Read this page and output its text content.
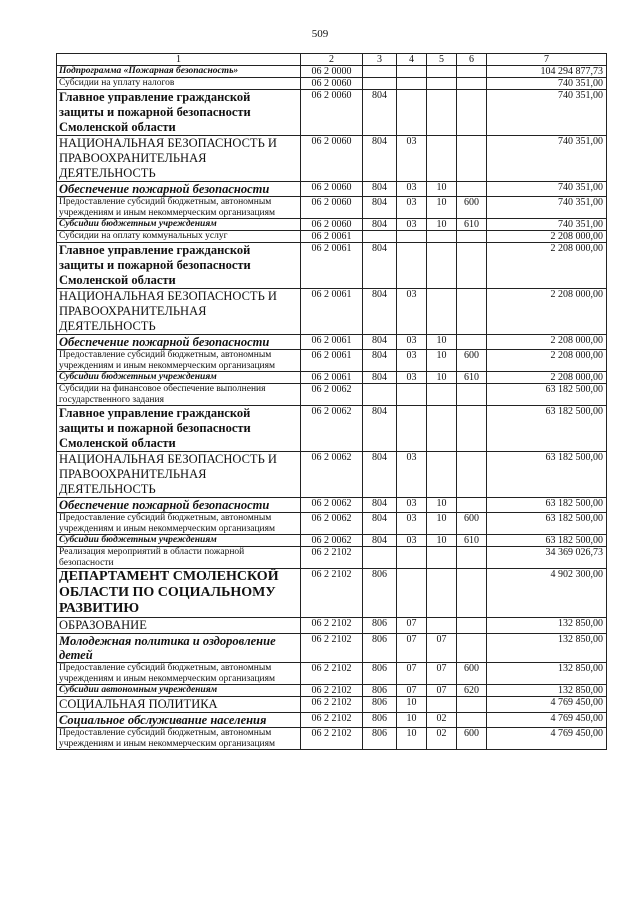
509
1	2	3	4	5	6	7
Подпрограмма «Пожарная безопасность»	06 2 0000					104 294 877,73
Субсидии на уплату налогов	06 2 0060					740 351,00
Главное управление гражданской защиты и пожарной безопасности Смоленской области	06 2 0060	804				740 351,00
НАЦИОНАЛЬНАЯ БЕЗОПАСНОСТЬ И ПРАВООХРАНИТЕЛЬНАЯ ДЕЯТЕЛЬНОСТЬ	06 2 0060	804	03			740 351,00
Обеспечение пожарной безопасности	06 2 0060	804	03	10		740 351,00
Предоставление субсидий бюджетным, автономным учреждениям и иным некоммерческим организациям	06 2 0060	804	03	10	600	740 351,00
Субсидии бюджетным учреждениям	06 2 0060	804	03	10	610	740 351,00
Субсидии на оплату коммунальных услуг	06 2 0061					2 208 000,00
Главное управление гражданской защиты и пожарной безопасности Смоленской области	06 2 0061	804				2 208 000,00
НАЦИОНАЛЬНАЯ БЕЗОПАСНОСТЬ И ПРАВООХРАНИТЕЛЬНАЯ ДЕЯТЕЛЬНОСТЬ	06 2 0061	804	03			2 208 000,00
Обеспечение пожарной безопасности	06 2 0061	804	03	10		2 208 000,00
Предоставление субсидий бюджетным, автономным учреждениям и иным некоммерческим организациям	06 2 0061	804	03	10	600	2 208 000,00
Субсидии бюджетным учреждениям	06 2 0061	804	03	10	610	2 208 000,00
Субсидии на финансовое обеспечение выполнения государственного задания	06 2 0062					63 182 500,00
Главное управление гражданской защиты и пожарной безопасности Смоленской области	06 2 0062	804				63 182 500,00
НАЦИОНАЛЬНАЯ БЕЗОПАСНОСТЬ И ПРАВООХРАНИТЕЛЬНАЯ ДЕЯТЕЛЬНОСТЬ	06 2 0062	804	03			63 182 500,00
Обеспечение пожарной безопасности	06 2 0062	804	03	10		63 182 500,00
Предоставление субсидий бюджетным, автономным учреждениям и иным некоммерческим организациям	06 2 0062	804	03	10	600	63 182 500,00
Субсидии бюджетным учреждениям	06 2 0062	804	03	10	610	63 182 500,00
Реализация мероприятий в области пожарной безопасности	06 2 2102					34 369 026,73
ДЕПАРТАМЕНТ СМОЛЕНСКОЙ ОБЛАСТИ ПО СОЦИАЛЬНОМУ РАЗВИТИЮ	06 2 2102	806				4 902 300,00
ОБРАЗОВАНИЕ	06 2 2102	806	07			132 850,00
Молодежная политика и оздоровление детей	06 2 2102	806	07	07		132 850,00
Предоставление субсидий бюджетным, автономным учреждениям и иным некоммерческим организациям	06 2 2102	806	07	07	600	132 850,00
Субсидии автономным учреждениям	06 2 2102	806	07	07	620	132 850,00
СОЦИАЛЬНАЯ ПОЛИТИКА	06 2 2102	806	10			4 769 450,00
Социальное обслуживание населения	06 2 2102	806	10	02		4 769 450,00
Предоставление субсидий бюджетным, автономным учреждениям и иным некоммерческим организациям	06 2 2102	806	10	02	600	4 769 450,00
